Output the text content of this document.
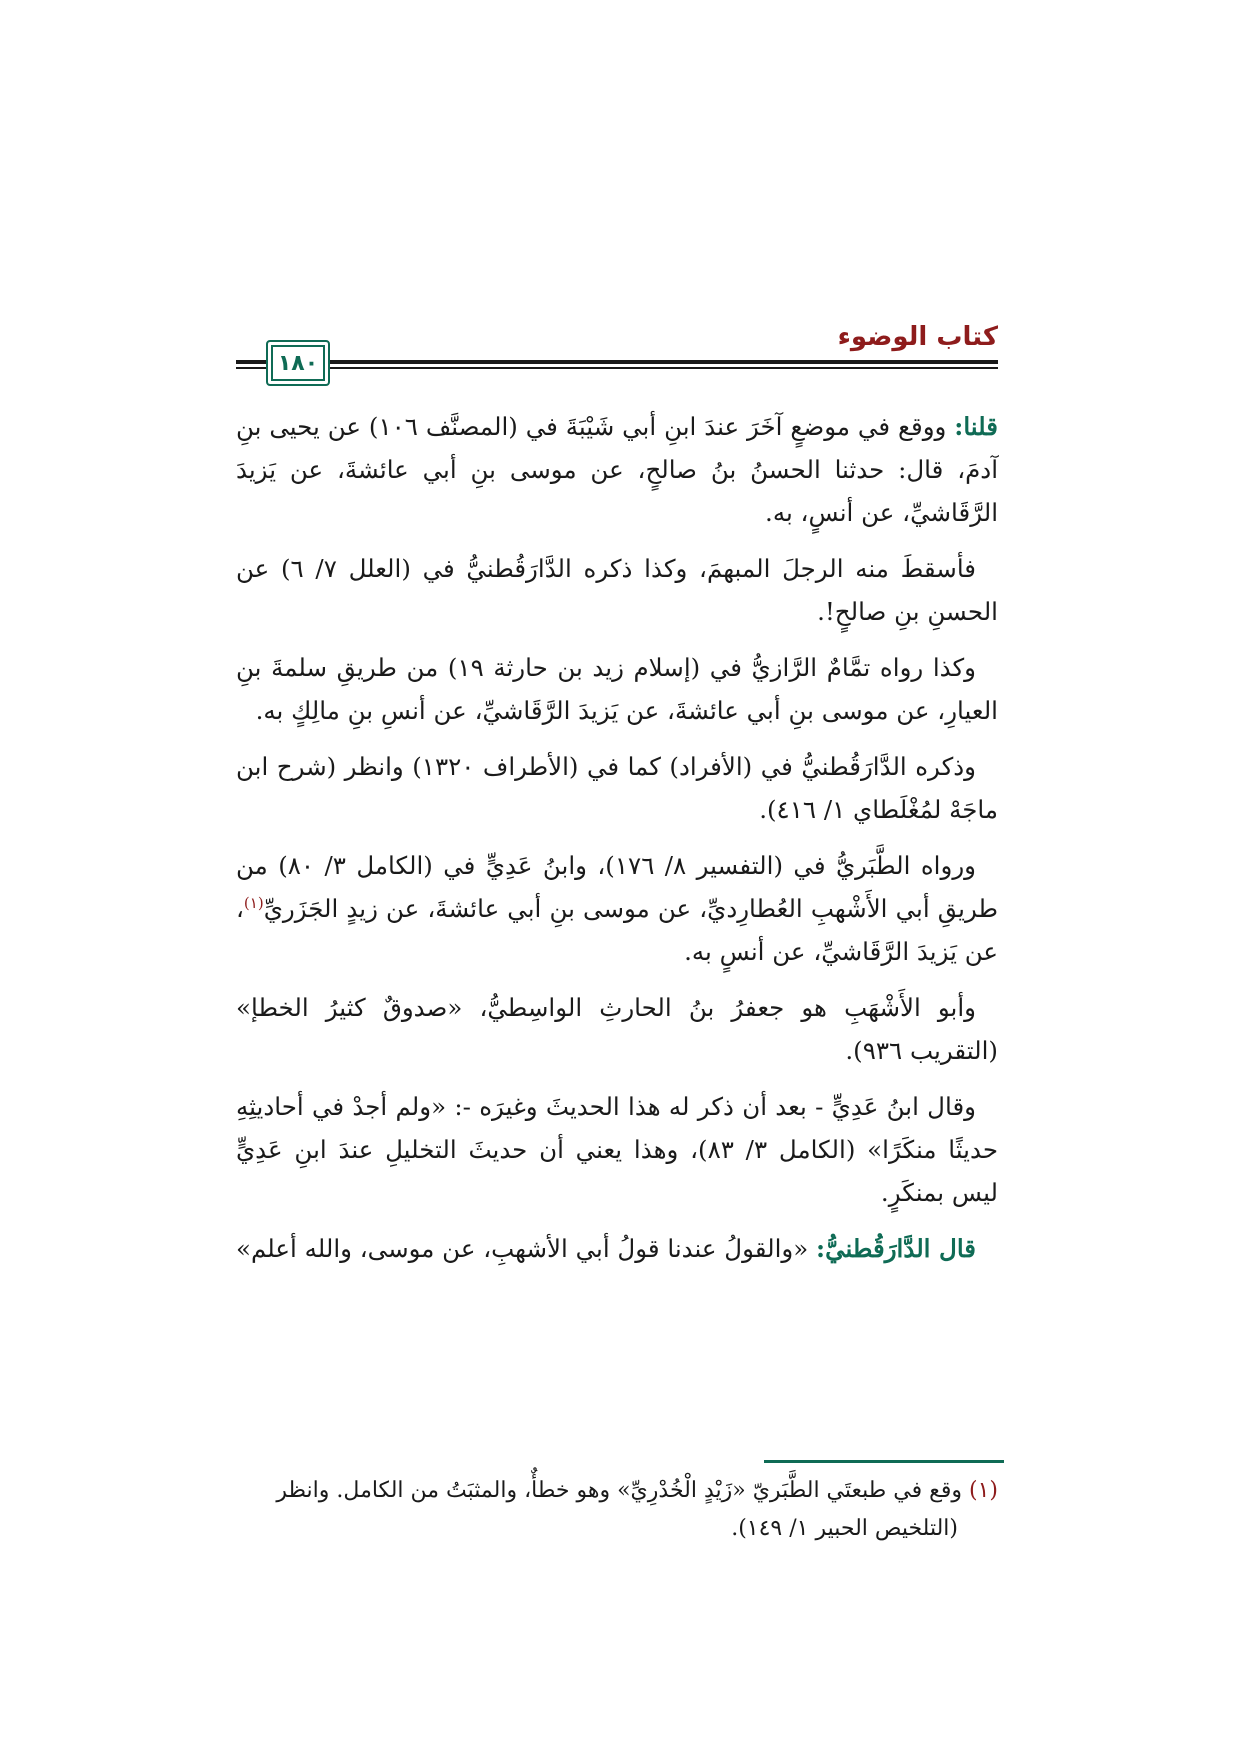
كتاب الوضوء
١٨٠

قلنا: ووقع في موضعٍ آخَرَ عندَ ابنِ أبي شَيْبَةَ في (المصنَّف ١٠٦) عن يحيى بنِ آدمَ، قال: حدثنا الحسنُ بنُ صالحٍ، عن موسى بنِ أبي عائشةَ، عن يَزيدَ الرَّقَاشيِّ، عن أنسٍ، به.

فأسقطَ منه الرجلَ المبهمَ، وكذا ذكره الدَّارَقُطنيُّ في (العلل ٧/ ٦) عن الحسنِ بنِ صالحٍ!.

وكذا رواه تمَّامٌ الرَّازيُّ في (إسلام زيد بن حارثة ١٩) من طريقِ سلمةَ بنِ العيارِ، عن موسى بنِ أبي عائشةَ، عن يَزيدَ الرَّقَاشيِّ، عن أنسِ بنِ مالِكٍ به.

وذكره الدَّارَقُطنيُّ في (الأفراد) كما في (الأطراف ١٣٢٠) وانظر (شرح ابن ماجَهْ لمُغْلَطاي ١/ ٤١٦).

ورواه الطَّبَريُّ في (التفسير ٨/ ١٧٦)، وابنُ عَدِيٍّ في (الكامل ٣/ ٨٠) من طريقِ أبي الأَشْهبِ العُطارِديِّ، عن موسى بنِ أبي عائشةَ، عن زيدٍ الجَزَريِّ$^{(١)}$، عن يَزيدَ الرَّقَاشيِّ، عن أنسٍ به.

وأبو الأَشْهَبِ هو جعفرُ بنُ الحارثِ الواسِطيُّ، «صدوقٌ كثيرُ الخطإ» (التقريب ٩٣٦).

وقال ابنُ عَدِيٍّ - بعد أن ذكر له هذا الحديثَ وغيرَه -: «ولم أجدْ في أحاديثِهِ حديثًا منكَرًا» (الكامل ٣/ ٨٣)، وهذا يعني أن حديثَ التخليلِ عندَ ابنِ عَدِيٍّ ليس بمنكَرٍ.

قال الدَّارَقُطنيُّ: «والقولُ عندنا قولُ أبي الأشهبِ، عن موسى، والله أعلم»

(١) وقع في طبعتَي الطَّبَريّ «زَيْدٍ الْخُدْرِيِّ» وهو خطأٌ، والمثبَتُ من الكامل. وانظر
(التلخيص الحبير ١/ ١٤٩).
